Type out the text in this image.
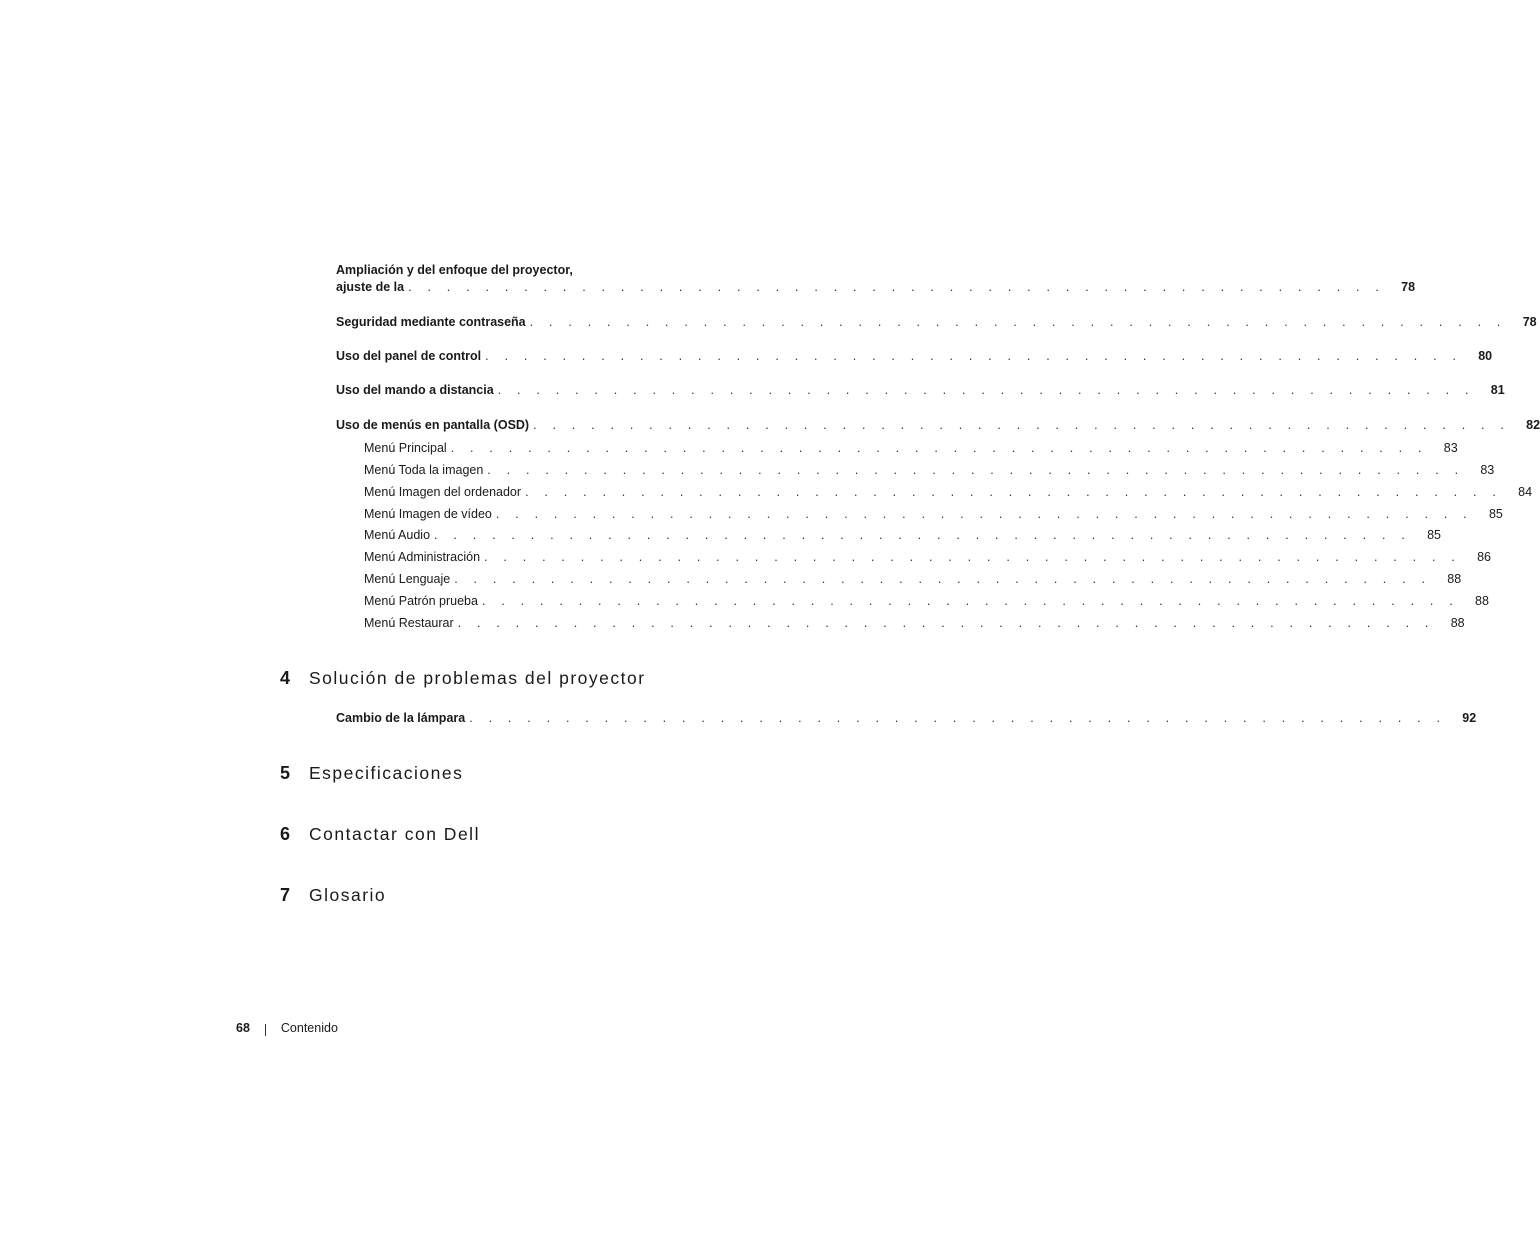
Ampliación y del enfoque del proyector,
ajuste de la . . . . . . . . . . . . . . . . . . . . . . . . . . . . . . . . . . . . . . . . . . . . . . . . . . .	78
Seguridad mediante contraseña . . . . . . . . . . . . . . . . . . . . . . . . . . . . . . . . . . . . . . . . . . . . . . . . . . .	78
Uso del panel de control . . . . . . . . . . . . . . . . . . . . . . . . . . . . . . . . . . . . . . . . . . . . . . . . . . .	80
Uso del mando a distancia . . . . . . . . . . . . . . . . . . . . . . . . . . . . . . . . . . . . . . . . . . . . . . . . . . .	81
Uso de menús en pantalla (OSD) . . . . . . . . . . . . . . . . . . . . . . . . . . . . . . . . . . . . . . . . . . . . . . . . . . .	82
Menú Principal . . . . . . . . . . . . . . . . . . . . . . . . . . . . . . . . . . . . . . . . . . . . . . . . . . .	83
Menú Toda la imagen . . . . . . . . . . . . . . . . . . . . . . . . . . . . . . . . . . . . . . . . . . . . . . . . . . .	83
Menú Imagen del ordenador . . . . . . . . . . . . . . . . . . . . . . . . . . . . . . . . . . . . . . . . . . . . . . . . . . .	84
Menú Imagen de vídeo . . . . . . . . . . . . . . . . . . . . . . . . . . . . . . . . . . . . . . . . . . . . . . . . . . .	85
Menú Audio . . . . . . . . . . . . . . . . . . . . . . . . . . . . . . . . . . . . . . . . . . . . . . . . . . .	85
Menú Administración . . . . . . . . . . . . . . . . . . . . . . . . . . . . . . . . . . . . . . . . . . . . . . . . . . .	86
Menú Lenguaje . . . . . . . . . . . . . . . . . . . . . . . . . . . . . . . . . . . . . . . . . . . . . . . . . . .	88
Menú Patrón prueba . . . . . . . . . . . . . . . . . . . . . . . . . . . . . . . . . . . . . . . . . . . . . . . . . . .	88
Menú Restaurar . . . . . . . . . . . . . . . . . . . . . . . . . . . . . . . . . . . . . . . . . . . . . . . . . . .	88
4	Solución de problemas del proyector
Cambio de la lámpara . . . . . . . . . . . . . . . . . . . . . . . . . . . . . . . . . . . . . . . . . . . . . . . . . . .	92
5	Especificaciones
6	Contactar con Dell
7	Glosario
68 Contenido
